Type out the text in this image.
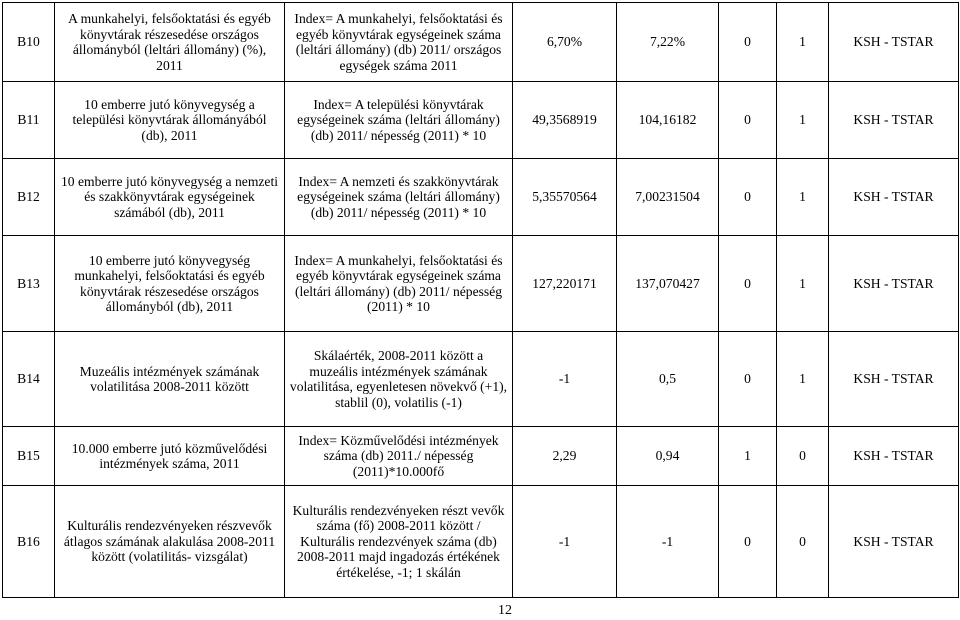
B10	A munkahelyi, felsőoktatási és egyéb könyvtárak részesedése országos állományból (leltári állomány) (%), 2011	Index= A munkahelyi, felsőoktatási és egyéb könyvtárak egységeinek száma (leltári állomány) (db) 2011/ országos egységek száma 2011	6,70%	7,22%	0	1	KSH - TSTAR
B11	10 emberre jutó könyvegység a települési könyvtárak állományából (db), 2011	Index= A települési könyvtárak egységeinek száma (leltári állomány) (db) 2011/ népesség (2011) * 10	49,3568919	104,16182	0	1	KSH - TSTAR
B12	10 emberre jutó könyvegység a nemzeti és szakkönyvtárak egységeinek számából (db), 2011	Index= A nemzeti és szakkönyvtárak egységeinek száma (leltári állomány) (db) 2011/ népesség (2011) * 10	5,35570564	7,00231504	0	1	KSH - TSTAR
B13	10 emberre jutó könyvegység munkahelyi, felsőoktatási és egyéb könyvtárak részesedése országos állományból (db), 2011	Index= A munkahelyi, felsőoktatási és egyéb könyvtárak egységeinek száma (leltári állomány) (db) 2011/ népesség (2011) * 10	127,220171	137,070427	0	1	KSH - TSTAR
B14	Muzeális intézmények számának volatilitása 2008-2011 között	Skálaérték, 2008-2011 között a muzeális intézmények számának volatilitása, egyenletesen növekvő (+1), stablil (0), volatilis (-1)	-1	0,5	0	1	KSH - TSTAR
B15	10.000 emberre jutó közművelődési intézmények száma, 2011	Index= Közművelődési intézmények száma (db) 2011./ népesség (2011)*10.000fő	2,29	0,94	1	0	KSH - TSTAR
B16	Kulturális rendezvényeken részvevők átlagos számának alakulása 2008-2011 között (volatilitás- vizsgálat)	Kulturális rendezvényeken részt vevők száma (fő) 2008-2011 között / Kulturális rendezvények száma (db) 2008-2011 majd ingadozás értékének értékelése, -1; 1 skálán	-1	-1	0	0	KSH - TSTAR
12
